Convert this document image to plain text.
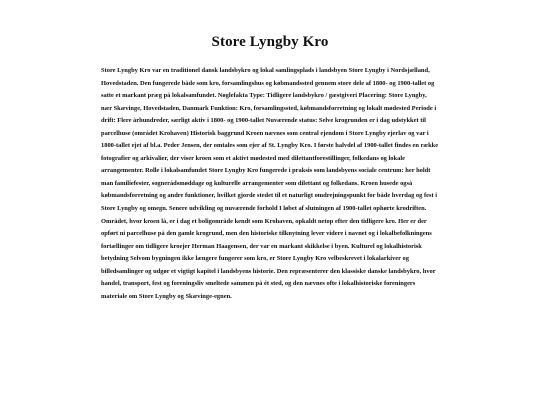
Store Lyngby Kro

Store Lyngby Kro var en traditionel dansk landsbykro og lokal samlingsplads i landsbyen Store Lyngby i Nordsjælland, Hovedstaden. Den fungerede både som kro, forsamlingshus og købmandssted gennem store dele af 1800- og 1900-tallet og satte et markant præg på lokalsamfundet. Nøglefakta Type: Tidligere landsbykro / gæstgiveri Placering: Store Lyngby, nær Skævinge, Hovedstaden, Danmark Funktion: Kro, forsamlingssted, købmandsforretning og lokalt mødested Periode i drift: Flere århundreder, særligt aktiv i 1800- og 1900-tallet Nuværende status: Selve krogrunden er i dag udstykket til parcelhuse (området Krohaven) Historisk baggrund Kroen nævnes som central ejendom i Store Lyngby ejerlav og var i 1800-tallet ejet af bl.a. Peder Jensen, der omtales som ejer af St. Lyngby Kro. I første halvdel af 1900-tallet findes en række fotografier og arkivalier, der viser kroen som et aktivt mødested med dilettantforestillinger, folkedans og lokale arrangementer. Rolle i lokalsamfundet Store Lyngby Kro fungerede i praksis som landsbyens sociale centrum: her holdt man familiefester, sognerådsmøddage og kulturelle arrangementer som dilettant og folkedans. Kroen husede også købmandsforretning og andre funktioner, hvilket gjorde stedet til et naturligt omdrejningspunkt for både hverdag og fest i Store Lyngby og omegn. Senere udvikling og nuværende forhold I løbet af slutningen af 1900-tallet ophørte krodriften. Området, hvor kroen lå, er i dag et boligområde kendt som Krohaven, opkaldt netop efter den tidligere kro. Her er der opført ni parcelhuse på den gamle krogrund, men den historiske tilknytning lever videre i navnet og i lokalbefolkningens fortællinger om tidligere kroejer Herman Haagensen, der var en markant skikkelse i byen. Kulturel og lokalhistorisk betydning Selvom bygningen ikke længere fungerer som kro, er Store Lyngby Kro velbeskrevet i lokalarkiver og billedsamlinger og udgør et vigtigt kapitel i landsbyens historie. Den repræsenterer den klassiske danske landsbykro, hvor handel, transport, fest og foreningsliv smeltede sammen på ét sted, og den nævnes ofte i lokalhistoriske foreningers materiale om Store Lyngby og Skævinge-egnen.
